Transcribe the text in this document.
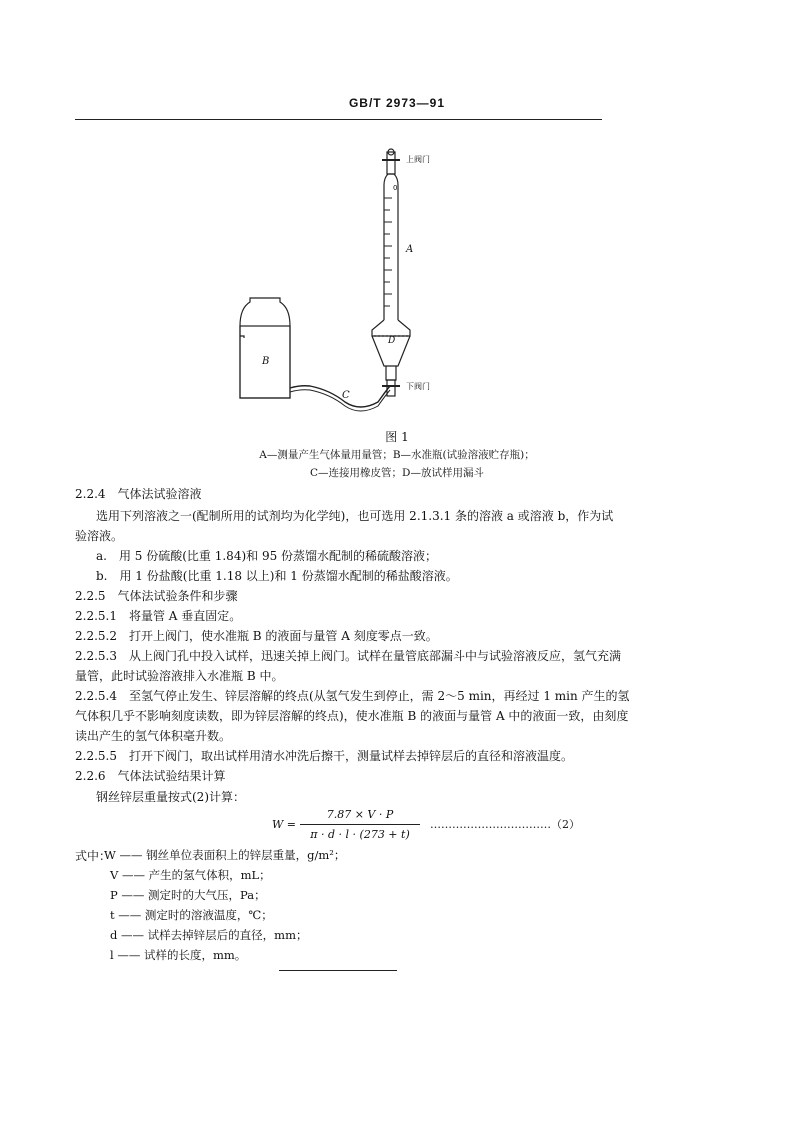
GB/T 2973—91
上阀门
0
A
B
C
D
下阀门
图 1
A—测量产生气体量用量管；B—水准瓶(试验溶液贮存瓶)；
C—连接用橡皮管；D—放试样用漏斗
2.2.4　气体法试验溶液
选用下列溶液之一(配制所用的试剂均为化学纯)，也可选用 2.1.3.1 条的溶液 a 或溶液 b，作为试
验溶液。
a.　用 5 份硫酸(比重 1.84)和 95 份蒸馏水配制的稀硫酸溶液；
b.　用 1 份盐酸(比重 1.18 以上)和 1 份蒸馏水配制的稀盐酸溶液。
2.2.5　气体法试验条件和步骤
2.2.5.1　将量管 A 垂直固定。
2.2.5.2　打开上阀门，使水准瓶 B 的液面与量管 A 刻度零点一致。
2.2.5.3　从上阀门孔中投入试样，迅速关掉上阀门。试样在量管底部漏斗中与试验溶液反应，氢气充满
量管，此时试验溶液排入水准瓶 B 中。
2.2.5.4　至氢气停止发生、锌层溶解的终点(从氢气发生到停止，需 2～5 min，再经过 1 min 产生的氢
气体积几乎不影响刻度读数，即为锌层溶解的终点)，使水准瓶 B 的液面与量管 A 中的液面一致，由刻度
读出产生的氢气体积毫升数。
2.2.5.5　打开下阀门，取出试样用清水冲洗后擦干，测量试样去掉锌层后的直径和溶液温度。
2.2.6　气体法试验结果计算
钢丝锌层重量按式(2)计算：
W =
7.87 × V · P
π · d · l · (273 + t)
……………………………（2）
式中：
W —— 钢丝单位表面积上的锌层重量，g/m²；
V —— 产生的氢气体积，mL；
P —— 测定时的大气压，Pa；
t —— 测定时的溶液温度，℃；
d —— 试样去掉锌层后的直径，mm；
l —— 试样的长度，mm。
